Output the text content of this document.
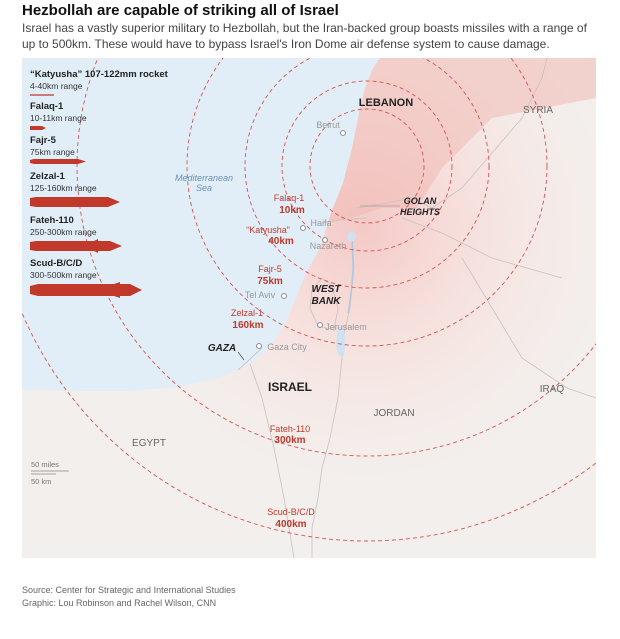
Hezbollah are capable of striking all of Israel
Israel has a vastly superior military to Hezbollah, but the Iran-backed group boasts missiles with a range of up to 500km. These would have to bypass Israel's Iron Dome air defense system to cause damage.
“Katyusha” 107-122mm rocket
4-40km range
Falaq-1
10-11km range
Fajr-5
75km range
Zelzal-1
125-160km range
Fateh-110
250-300km range
Scud-B/C/D
300-500km range
Mediterranean
Sea
LEBANON
SYRIA
ISRAEL
JORDAN
EGYPT
IRAQ
GOLAN
HEIGHTS
WEST
BANK
GAZA
Beirut
Haifa
Nazareth
Tel Aviv
Jerusalem
Gaza City
Falaq-1
10km
“Katyusha”
40km
Fajr-5
75km
Zelzal-1
160km
Fateh-110
300km
Scud-B/C/D
400km
50 miles
50 km
Source: Center for Strategic and International Studies
Graphic: Lou Robinson and Rachel Wilson, CNN
